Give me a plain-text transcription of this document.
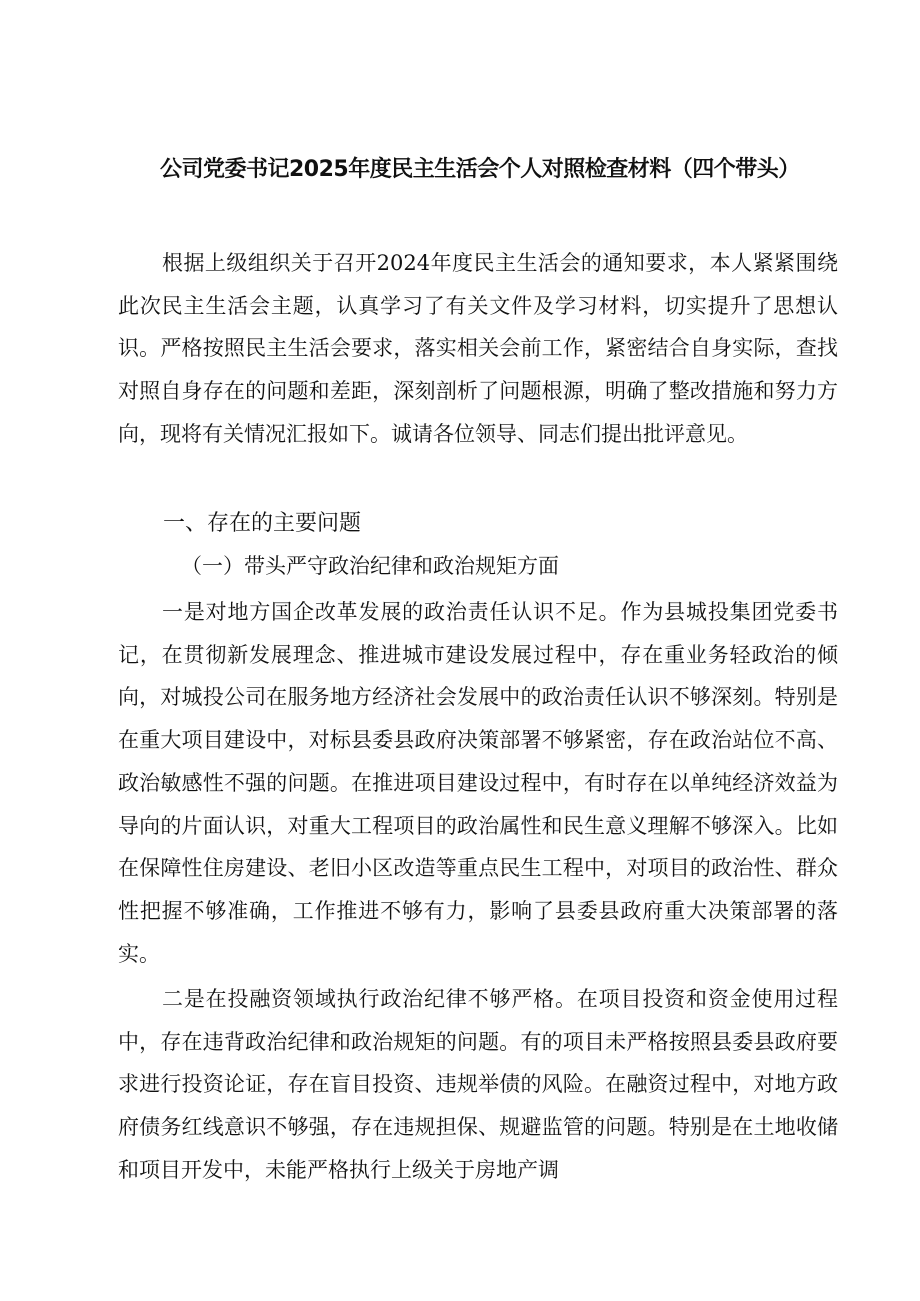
公司党委书记2025年度民主生活会个人对照检查材料（四个带头）

根据上级组织关于召开2024年度民主生活会的通知要求，本人紧紧围绕此次民主生活会主题，认真学习了有关文件及学习材料，切实提升了思想认识。严格按照民主生活会要求，落实相关会前工作，紧密结合自身实际，查找对照自身存在的问题和差距，深刻剖析了问题根源，明确了整改措施和努力方向，现将有关情况汇报如下。诚请各位领导、同志们提出批评意见。

一、存在的主要问题
（一）带头严守政治纪律和政治规矩方面

一是对地方国企改革发展的政治责任认识不足。作为县城投集团党委书记，在贯彻新发展理念、推进城市建设发展过程中，存在重业务轻政治的倾向，对城投公司在服务地方经济社会发展中的政治责任认识不够深刻。特别是在重大项目建设中，对标县委县政府决策部署不够紧密，存在政治站位不高、政治敏感性不强的问题。在推进项目建设过程中，有时存在以单纯经济效益为导向的片面认识，对重大工程项目的政治属性和民生意义理解不够深入。比如在保障性住房建设、老旧小区改造等重点民生工程中，对项目的政治性、群众性把握不够准确，工作推进不够有力，影响了县委县政府重大决策部署的落实。

二是在投融资领域执行政治纪律不够严格。在项目投资和资金使用过程中，存在违背政治纪律和政治规矩的问题。有的项目未严格按照县委县政府要求进行投资论证，存在盲目投资、违规举债的风险。在融资过程中，对地方政府债务红线意识不够强，存在违规担保、规避监管的问题。特别是在土地收储和项目开发中，未能严格执行上级关于房地产调
